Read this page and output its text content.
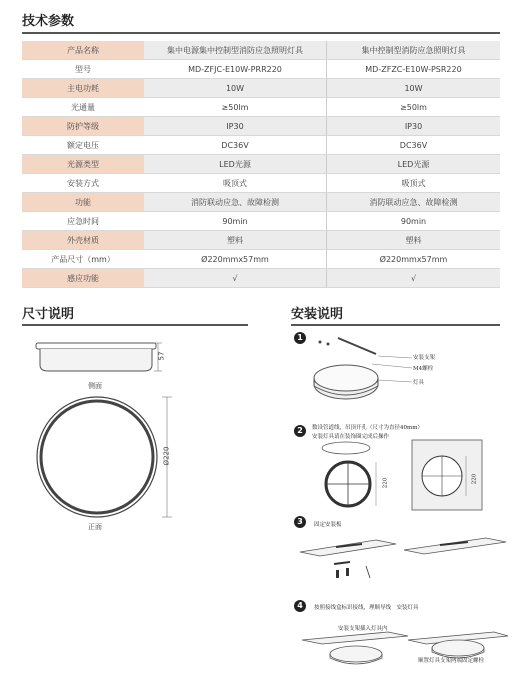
技术参数
产品名称	集中电源集中控制型消防应急照明灯具	集中控制型消防应急照明灯具
型号	MD-ZFJC-E10W-PRR220	MD-ZFZC-E10W-PSR220
主电功耗	10W	10W
光通量	≥50lm	≥50lm
防护等级	IP30	IP30
额定电压	DC36V	DC36V
光源类型	LED光源	LED光源
安装方式	吸顶式	吸顶式
功能	消防联动应急、故障检测	消防联动应急、故障检测
应急时间	90min	90min
外壳材质	塑料	塑料
产品尺寸（mm）	Ø220mmx57mm	Ø220mmx57mm
感应功能	√	√
尺寸说明
57
侧面
Ø220
正面
安装说明
1
安装支架
M4螺栓
灯具
2	数设管道线，吊顶开孔（尺寸为直径40mm）
安装灯具请在装饰圈完成后操作
220	220
3	固定安装板
4	按照接线盒标识接线，理顺导线　安装灯具
安装支架插入灯具内
顺置灯具支架两端固定螺栓
